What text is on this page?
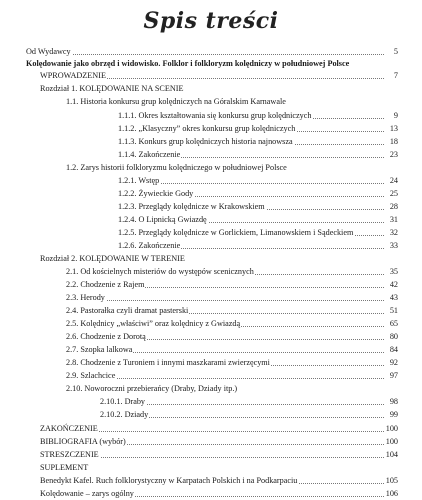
Spis treści
Od Wydawcy	5
Kolędowanie jako obrzęd i widowisko. Folklor i folkloryzm kolędniczy w południowej Polsce
WPROWADZENIE	7
Rozdział 1. KOLĘDOWANIE NA SCENIE
1.1. Historia konkursu grup kolędniczych na Góralskim Karnawale
1.1.1. Okres kształtowania się konkursu grup kolędniczych	9
1.1.2. „Klasyczny” okres konkursu grup kolędniczych	13
1.1.3. Konkurs grup kolędniczych historia najnowsza	18
1.1.4. Zakończenie	23
1.2. Zarys historii folkloryzmu kolędniczego w południowej Polsce
1.2.1. Wstęp	24
1.2.2. Żywieckie Gody	25
1.2.3. Przeglądy kolędnicze w Krakowskiem	28
1.2.4. O Lipnicką Gwiazdę	31
1.2.5. Przeglądy kolędnicze w Gorlickiem, Limanowskiem i Sądeckiem	32
1.2.6. Zakończenie	33
Rozdział 2. KOLĘDOWANIE W TERENIE
2.1. Od kościelnych misteriów do występów scenicznych	35
2.2. Chodzenie z Rajem	42
2.3. Herody	43
2.4. Pastorałka czyli dramat pasterski	51
2.5. Kolędnicy „właściwi” oraz kolędnicy z Gwiazdą	65
2.6. Chodzenie z Dorotą	80
2.7. Szopka lalkowa	84
2.8. Chodzenie z Turoniem i innymi maszkarami zwierzęcymi	92
2.9. Szlachcice	97
2.10. Noworoczni przebierańcy (Draby, Dziady itp.)
2.10.1. Draby	98
2.10.2. Dziady	99
ZAKOŃCZENIE	100
BIBLIOGRAFIA (wybór)	100
STRESZCZENIE	104
SUPLEMENT
Benedykt Kafel. Ruch folklorystyczny w Karpatach Polskich i na Podkarpaciu	105
Kolędowanie – zarys ogólny	106
